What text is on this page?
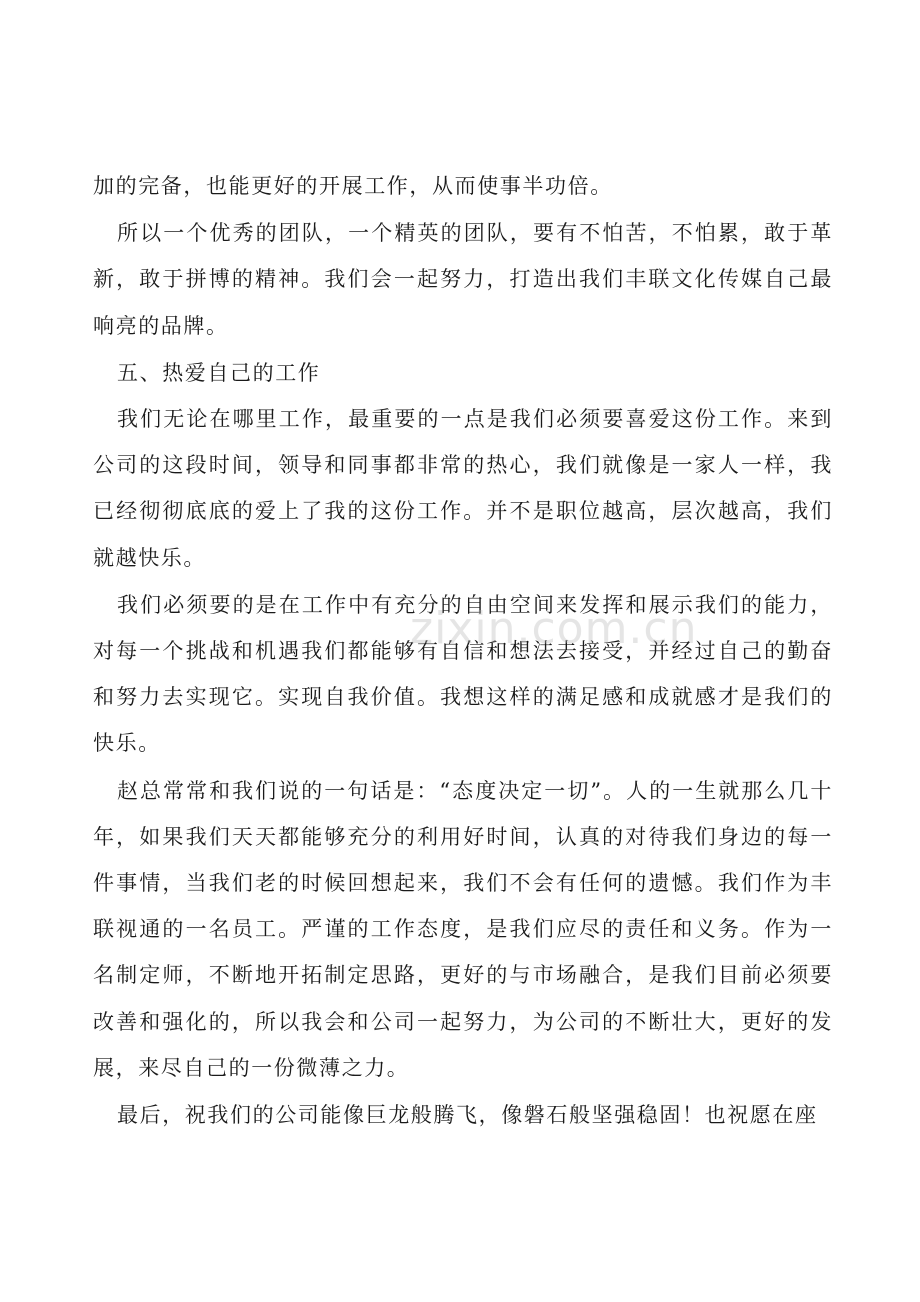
加的完备，也能更好的开展工作，从而使事半功倍。

所以一个优秀的团队，一个精英的团队，要有不怕苦，不怕累，敢于革新，敢于拼博的精神。我们会一起努力，打造出我们丰联文化传媒自己最响亮的品牌。

五、热爱自己的工作

我们无论在哪里工作，最重要的一点是我们必须要喜爱这份工作。来到公司的这段时间，领导和同事都非常的热心，我们就像是一家人一样，我已经彻彻底底的爱上了我的这份工作。并不是职位越高，层次越高，我们就越快乐。

我们必须要的是在工作中有充分的自由空间来发挥和展示我们的能力，对每一个挑战和机遇我们都能够有自信和想法去接受，并经过自己的勤奋和努力去实现它。实现自我价值。我想这样的满足感和成就感才是我们的快乐。

赵总常常和我们说的一句话是：“态度决定一切”。人的一生就那么几十年，如果我们天天都能够充分的利用好时间，认真的对待我们身边的每一件事情，当我们老的时候回想起来，我们不会有任何的遗憾。我们作为丰联视通的一名员工。严谨的工作态度，是我们应尽的责任和义务。作为一名制定师，不断地开拓制定思路，更好的与市场融合，是我们目前必须要改善和强化的，所以我会和公司一起努力，为公司的不断壮大，更好的发展，来尽自己的一份微薄之力。

最后，祝我们的公司能像巨龙般腾飞，像磐石般坚强稳固！也祝愿在座

zixin.com.cn
